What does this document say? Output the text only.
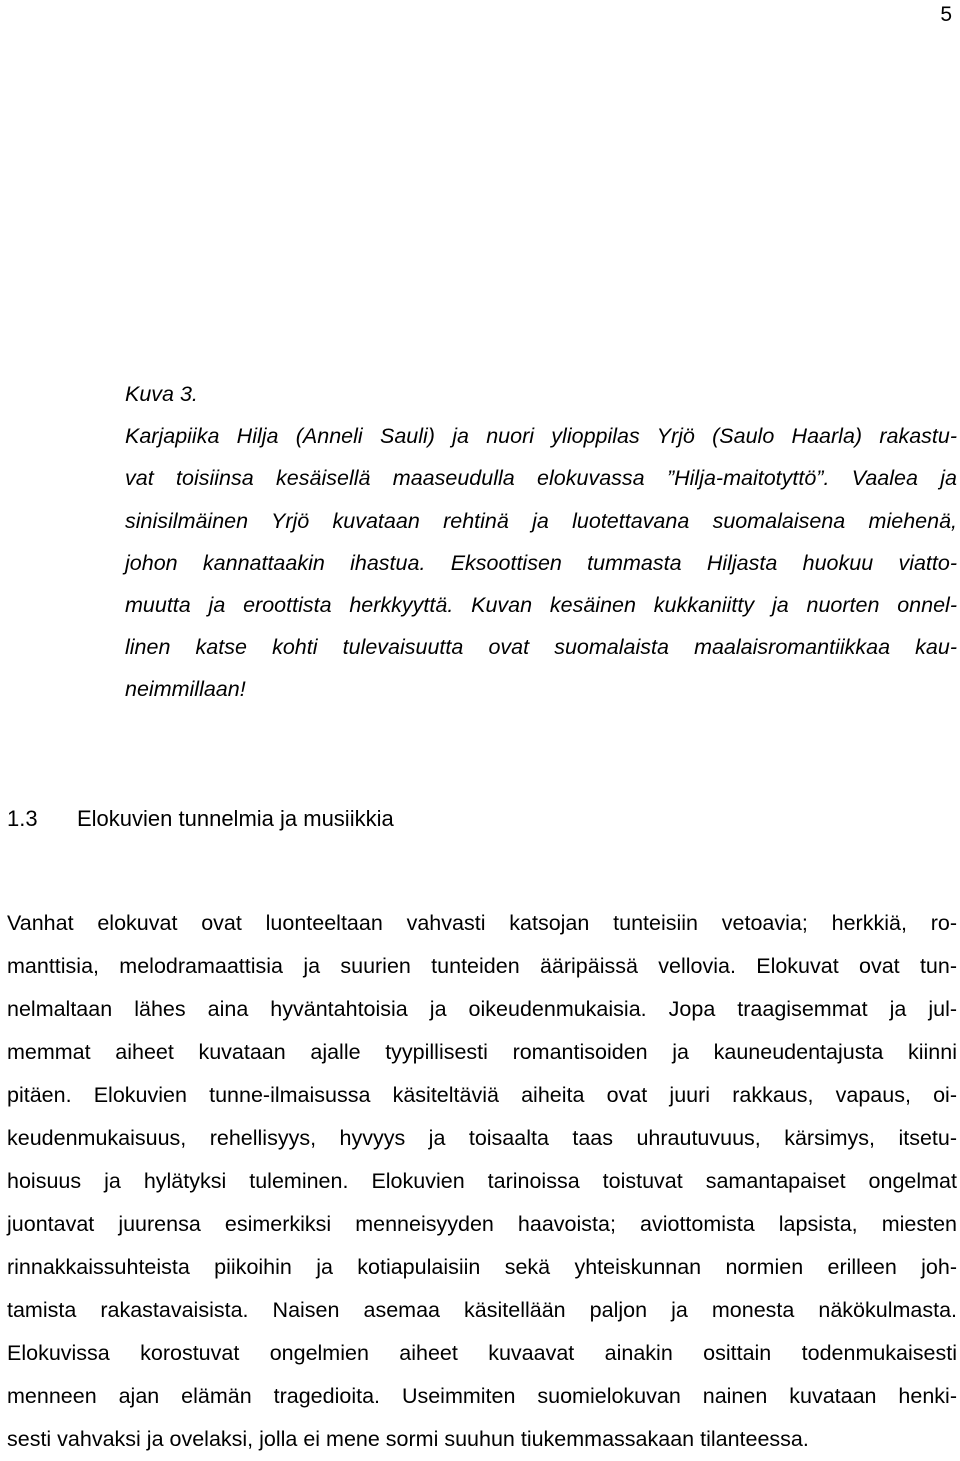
5

Kuva 3.

Karjapiika Hilja (Anneli Sauli) ja nuori ylioppilas Yrjö (Saulo Haarla) rakastu-
vat toisiinsa kesäisellä maaseudulla elokuvassa ”Hilja-maitotyttö”. Vaalea ja
sinisilmäinen Yrjö kuvataan rehtinä ja luotettavana suomalaisena miehenä,
johon kannattaakin ihastua. Eksoottisen tummasta Hiljasta huokuu viatto-
muutta ja eroottista herkkyyttä. Kuvan kesäinen kukkaniitty ja nuorten onnel-
linen katse kohti tulevaisuutta ovat suomalaista maalaisromantiikkaa kau-
neimmillaan!
1.3 Elokuvien tunnelmia ja musiikkia
Vanhat elokuvat ovat luonteeltaan vahvasti katsojan tunteisiin vetoavia; herkkiä, ro-
manttisia, melodramaattisia ja suurien tunteiden ääripäissä vellovia. Elokuvat ovat tun-
nelmaltaan lähes aina hyväntahtoisia ja oikeudenmukaisia. Jopa traagisemmat ja jul-
memmat aiheet kuvataan ajalle tyypillisesti romantisoiden ja kauneudentajusta kiinni
pitäen. Elokuvien tunne-ilmaisussa käsiteltäviä aiheita ovat juuri rakkaus, vapaus, oi-
keudenmukaisuus, rehellisyys, hyvyys ja toisaalta taas uhrautuvuus, kärsimys, itsetu-
hoisuus ja hylätyksi tuleminen. Elokuvien tarinoissa toistuvat samantapaiset ongelmat
juontavat juurensa esimerkiksi menneisyyden haavoista; aviottomista lapsista, miesten
rinnakkaissuhteista piikoihin ja kotiapulaisiin sekä yhteiskunnan normien erilleen joh-
tamista rakastavaisista. Naisen asemaa käsitellään paljon ja monesta näkökulmasta.
Elokuvissa korostuvat ongelmien aiheet kuvaavat ainakin osittain todenmukaisesti
menneen ajan elämän tragedioita. Useimmiten suomielokuvan nainen kuvataan henki-
sesti vahvaksi ja ovelaksi, jolla ei mene sormi suuhun tiukemmassakaan tilanteessa.
